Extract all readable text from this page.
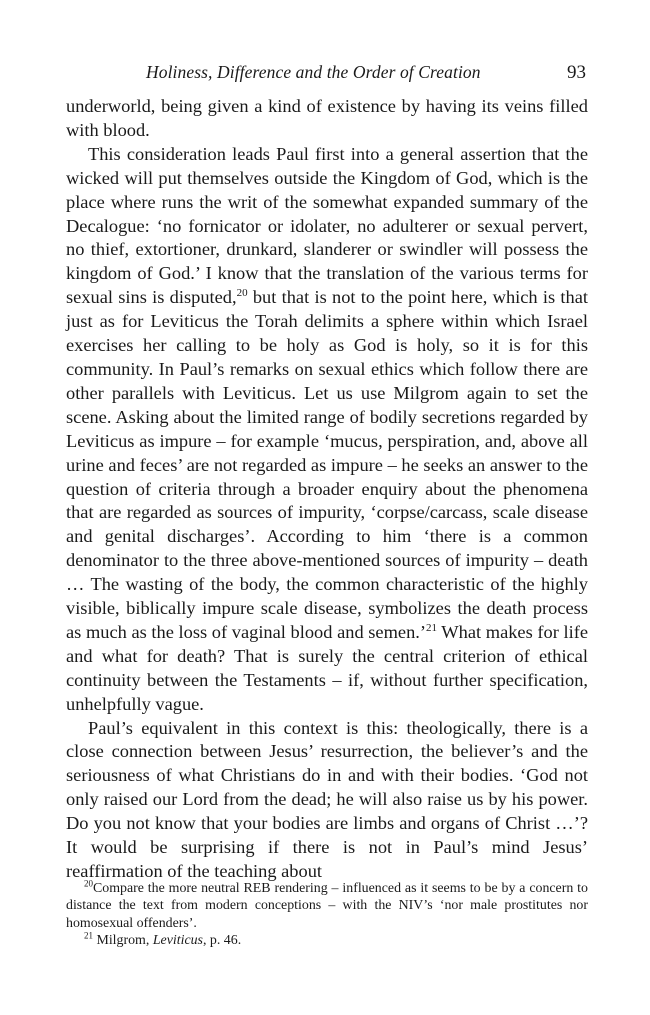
Holiness, Difference and the Order of Creation	93

underworld, being given a kind of existence by having its veins filled with blood.

This consideration leads Paul first into a general assertion that the wicked will put themselves outside the Kingdom of God, which is the place where runs the writ of the somewhat expanded summary of the Decalogue: ‘no fornicator or idolater, no adulterer or sexual pervert, no thief, extortioner, drunkard, slanderer or swindler will possess the kingdom of God.’ I know that the translation of the various terms for sexual sins is disputed,$^{20}$ but that is not to the point here, which is that just as for Leviticus the Torah delimits a sphere within which Israel exercises her calling to be holy as God is holy, so it is for this community. In Paul’s remarks on sexual ethics which follow there are other parallels with Leviticus. Let us use Milgrom again to set the scene. Asking about the limited range of bodily secretions regarded by Leviticus as impure – for example ‘mucus, perspiration, and, above all urine and feces’ are not regarded as impure – he seeks an answer to the question of criteria through a broader enquiry about the phenomena that are regarded as sources of impurity, ‘corpse/carcass, scale disease and genital discharges’. According to him ‘there is a common denominator to the three above-mentioned sources of impurity – death … The wasting of the body, the common characteristic of the highly visible, biblically impure scale disease, symbolizes the death process as much as the loss of vaginal blood and semen.’$^{21}$ What makes for life and what for death? That is surely the central criterion of ethical continuity between the Testaments – if, without further specification, unhelpfully vague.

Paul’s equivalent in this context is this: theologically, there is a close connection between Jesus’ resurrection, the believer’s and the seriousness of what Christians do in and with their bodies. ‘God not only raised our Lord from the dead; he will also raise us by his power. Do you not know that your bodies are limbs and organs of Christ …’? It would be surprising if there is not in Paul’s mind Jesus’ reaffirmation of the teaching about

$^{20}$Compare the more neutral REB rendering – influenced as it seems to be by a concern to distance the text from modern conceptions – with the NIV’s ‘nor male prostitutes nor homosexual offenders’.

$^{21}$ Milgrom, Leviticus, p. 46.
